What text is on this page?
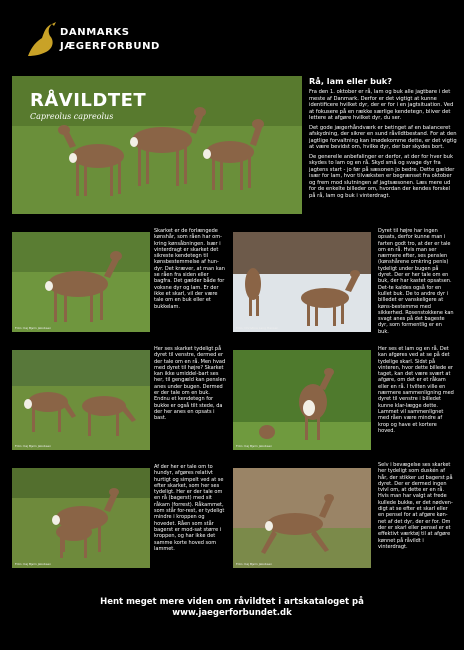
DANMARKS
JÆGERFORBUND
RÅVILDTET
Capreolus capreolus
Rå, lam eller buk?

Fra den 1. oktober er rå, lam og buk alle jagtbare i det meste af Danmark. Derfor er det vigtigt at kunne identificere hvilket dyr, der er for i en jagtsituation. Ved at fokusere på en række særlige kendetegn, bliver det lettere at afgøre hvilket dyr, du ser.

Det gode jægerhåndværk er betinget af en balanceret afskydning, der sikrer en sund råvildtbestand. For at den jagtlige forvaltning kan imødekomme dette, er det vigtig at være bevidst om, hvilke dyr, der bør skydes bort.

De generelle anbefalinger er derfor, at der for hver buk skydes to lam og en rå. Skyd små og svage dyr fra jagtens start - jo før på sæsonen jo bedre. Dette gælder især for lam, hvor tilvæksten er begrænset fra oktober og frem mod slutningen af jagtsæsonen. Læs mere ud for de enkelte billeder om, hvordan der kendes forskel på rå, lam og buk i vinterdragt.

Foto: Kaj Bjørn Jakobsen
Skarket er de forlængede kønshår, som råen har om-kring kønsåbningen. Især i vinterdragt er skarket det sikreste kendetegn til kønsbestemmelse af hun-dyr. Det kræver, at man kan se råen fra siden eller bagfra. Det gælder både for voksne dyr og lam. Er der ikke et skarl, vil der være tale om en buk eller et bukkelam.
Foto: Christina Lang Hansen
Dyret til højre har ingen opsats, derfor kunne man i farten godt tro, at der er tale om en rå. Hvis man ser nærmere efter, ses penslen (kønshårene omkring penis) tydeligt under bugen på dyret. Der er her tale om en buk, der har kastet opsatsen. Det-te kaldes også for en kullet buk. De to andre dyr i billedet er vanskeligere at køns-bestemme med sikkerhed. Rosenstokkene kan svagt anes på det bageste dyr, som formentlig er en buk.
Foto: Kaj Bjørn Jakobsen
Her ses skarket tydeligt på dyret til venstre, dermed er der tale om en rå. Men hvad med dyret til højre? Skarket kan ikke umiddel-bart ses her, til gengæld kan penslen anes under bugen. Dermed er der tale om en buk. Endnu et kendetegn for bukke er også tilt stede, da der her anes en opsats i bast.
Foto: Kaj Bjørn Jakobsen
Her ses et lam og en rå. Det kan afgøres ved at se på det tydelige skarl. Sidst på vinteren, hvor dette billede er taget, kan det være svært at afgøre, om det er et råkam eller en rå. I tvilten ville en nærmere sammenligning med dyret til venstre i billedet kunne klar-lægge dette. Lammet vil sammenlignet med råen være mindre af krop og have et kortere hoved.
Foto: Kaj Bjørn Jakobsen
Af der her er tale om to hundyr, afgøres relativt hurtigt og simpelt ved at se efter skarket, som her ses tydeligt. Her er der tale om en rå (bagerst) med sit råkam (forrest). Råkammet, som står for-rest, er tydeligt mindre i kroppen og hovedet. Råen som står bagerst er mod-sat større i kroppen, og har ikke det samme korte hoved som lammet.
Foto: Kaj Bjørn Jakobsen
Selv i bevægelse ses skarket her tydeligt som duskén af hår, der stikker ud bagerst på dyret. Der er dermed ingen tvivl om, at dette er en rå. Hvis man har valgt at frede kullede bukke, er det nødven-digt at se efter et skarl eller en pensel for at afgøre køn-net af det dyr, der er for. Om der er skarl eller pensel er et effektivt værktøj til at afgøre kønnet på råvildt i vinterdragt.
Hent meget mere viden om råvildtet i artskataloget på
www.jaegerforbundet.dk
